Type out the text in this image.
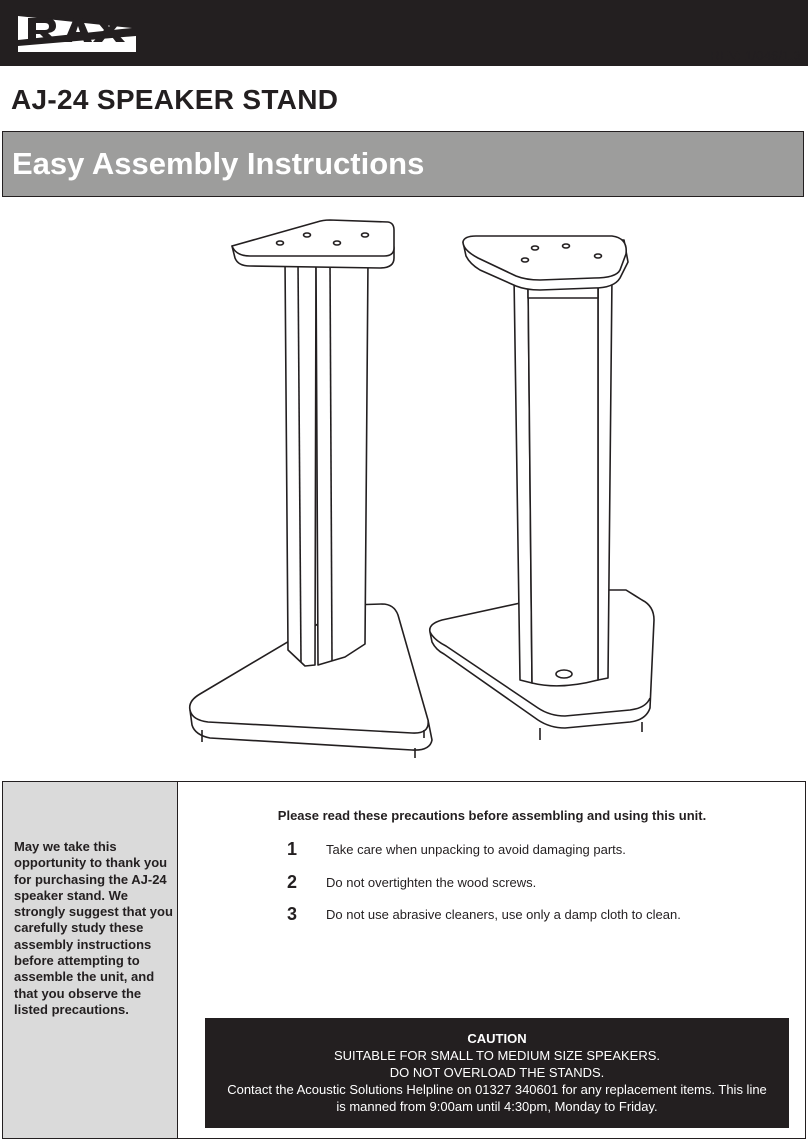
REV: 1/046/1.3
AJ-24 SPEAKER STAND
Easy Assembly Instructions

May we take this opportunity to thank you for purchasing the AJ-24 speaker stand. We strongly suggest that you carefully study these assembly instructions before attempting to assemble the unit, and that you observe the listed precautions.

Please read these precautions before assembling and using this unit.
1 Take care when unpacking to avoid damaging parts.
2 Do not overtighten the wood screws.
3 Do not use abrasive cleaners, use only a damp cloth to clean.
CAUTION
SUITABLE FOR SMALL TO MEDIUM SIZE SPEAKERS.
DO NOT OVERLOAD THE STANDS.
Contact the Acoustic Solutions Helpline on 01327 340601 for any replacement items. This line
is manned from 9:00am until 4:30pm, Monday to Friday.
